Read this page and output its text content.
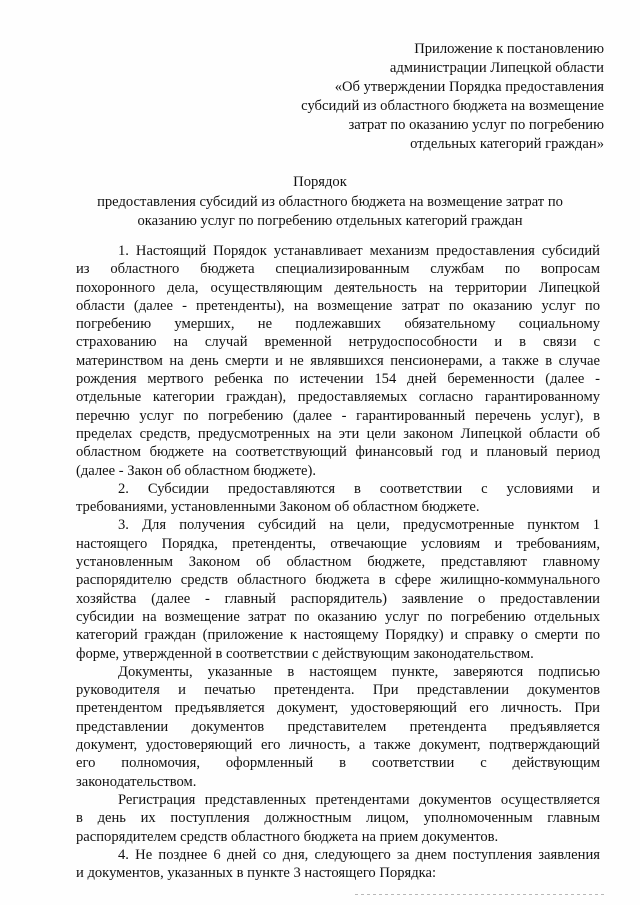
Приложение к постановлению
администрации Липецкой области
«Об утверждении Порядка предоставления
субсидий из областного бюджета на возмещение
затрат по оказанию услуг по погребению
отдельных категорий граждан»
Порядок
предоставления субсидий из областного бюджета на возмещение затрат по
оказанию услуг по погребению отдельных категорий граждан

1. Настоящий Порядок устанавливает механизм предоставления субсидий
из областного бюджета специализированным службам по вопросам
похоронного дела, осуществляющим деятельность на территории Липецкой
области (далее - претенденты), на возмещение затрат по оказанию услуг по
погребению умерших, не подлежавших обязательному социальному
страхованию на случай временной нетрудоспособности и в связи с
материнством на день смерти и не являвшихся пенсионерами, а также в случае
рождения мертвого ребенка по истечении 154 дней беременности (далее -
отдельные категории граждан), предоставляемых согласно гарантированному
перечню услуг по погребению (далее - гарантированный перечень услуг), в
пределах средств, предусмотренных на эти цели законом Липецкой области об
областном бюджете на соответствующий финансовый год и плановый период
(далее - Закон об областном бюджете).

2. Субсидии предоставляются в соответствии с условиями и
требованиями, установленными Законом об областном бюджете.

3. Для получения субсидий на цели, предусмотренные пунктом 1
настоящего Порядка, претенденты, отвечающие условиям и требованиям,
установленным Законом об областном бюджете, представляют главному
распорядителю средств областного бюджета в сфере жилищно-коммунального
хозяйства (далее - главный распорядитель) заявление о предоставлении
субсидии на возмещение затрат по оказанию услуг по погребению отдельных
категорий граждан (приложение к настоящему Порядку) и справку о смерти по
форме, утвержденной в соответствии с действующим законодательством.

Документы, указанные в настоящем пункте, заверяются подписью
руководителя и печатью претендента. При представлении документов
претендентом предъявляется документ, удостоверяющий его личность. При
представлении документов представителем претендента предъявляется
документ, удостоверяющий его личность, а также документ, подтверждающий
его полномочия, оформленный в соответствии с действующим
законодательством.

Регистрация представленных претендентами документов осуществляется
в день их поступления должностным лицом, уполномоченным главным
распорядителем средств областного бюджета на прием документов.

4. Не позднее 6 дней со дня, следующего за днем поступления заявления
и документов, указанных в пункте 3 настоящего Порядка:
